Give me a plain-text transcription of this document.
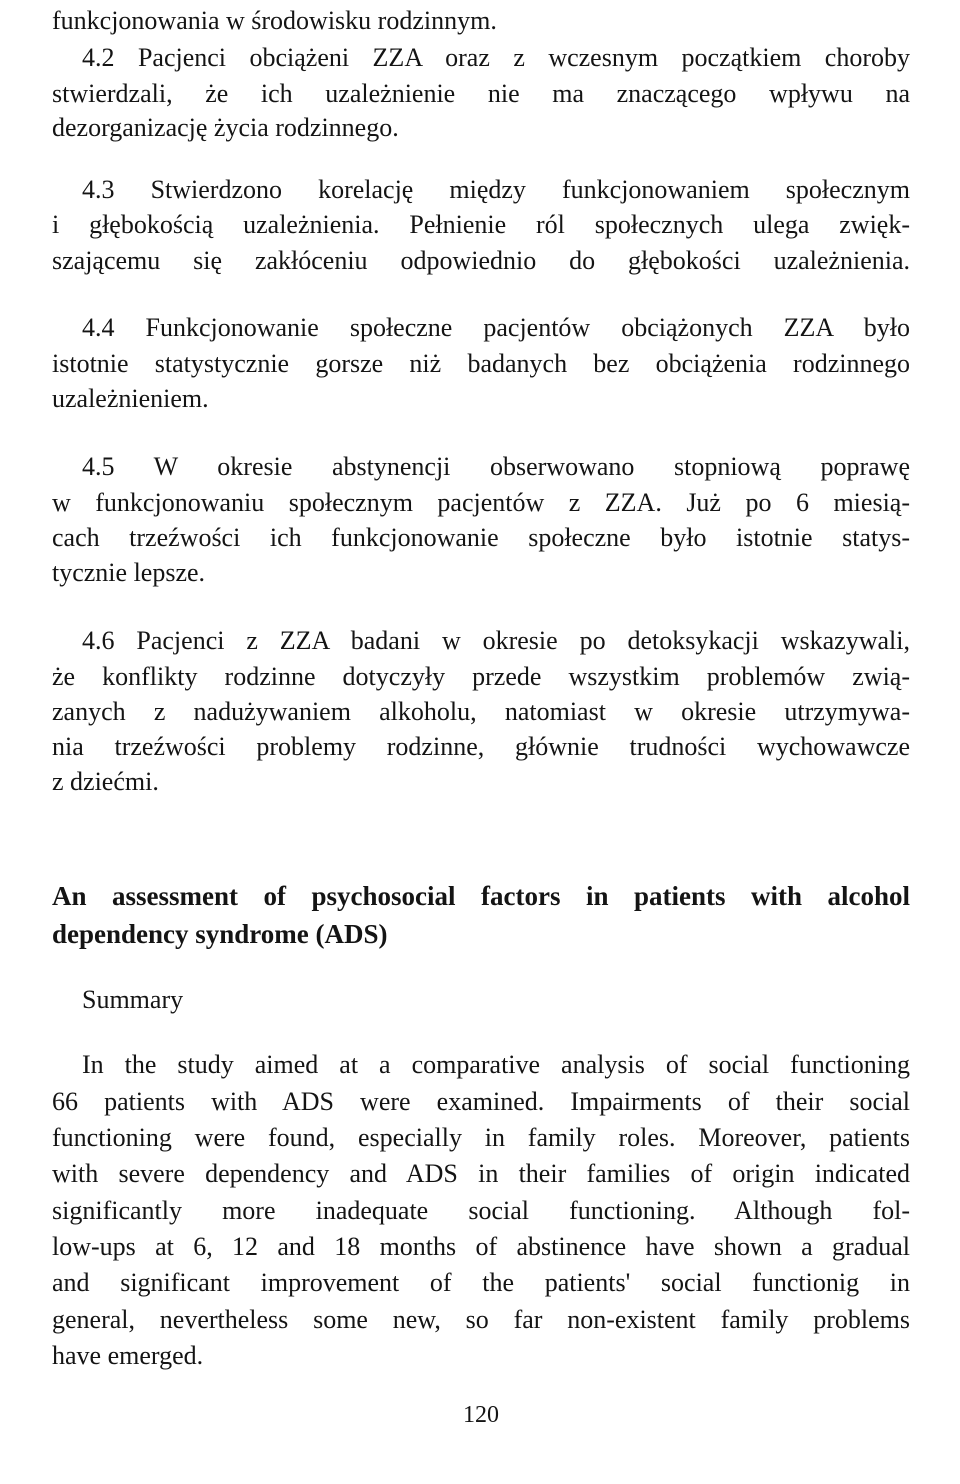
funkcjonowania w środowisku rodzinnym.
4.2 Pacjenci obciążeni ZZA oraz z wczesnym początkiem choroby
stwierdzali, że ich uzależnienie nie ma znaczącego wpływu na
dezorganizację życia rodzinnego.
4.3 Stwierdzono korelację między funkcjonowaniem społecznym
i głębokością uzależnienia. Pełnienie ról społecznych ulega zwięk-
szającemu się zakłóceniu odpowiednio do głębokości uzależnienia.
4.4 Funkcjonowanie społeczne pacjentów obciążonych ZZA było
istotnie statystycznie gorsze niż badanych bez obciążenia rodzinnego
uzależnieniem.
4.5 W okresie abstynencji obserwowano stopniową poprawę
w funkcjonowaniu społecznym pacjentów z ZZA. Już po 6 miesią-
cach trzeźwości ich funkcjonowanie społeczne było istotnie statys-
tycznie lepsze.
4.6 Pacjenci z ZZA badani w okresie po detoksykacji wskazywali,
że konflikty rodzinne dotyczyły przede wszystkim problemów zwią-
zanych z nadużywaniem alkoholu, natomiast w okresie utrzymywa-
nia trzeźwości problemy rodzinne, głównie trudności wychowawcze
z dziećmi.
An assessment of psychosocial factors in patients with alcohol
dependency syndrome (ADS)
Summary
In the study aimed at a comparative analysis of social functioning
66 patients with ADS were examined. Impairments of their social
functioning were found, especially in family roles. Moreover, patients
with severe dependency and ADS in their families of origin indicated
significantly more inadequate social functioning. Although fol-
low-ups at 6, 12 and 18 months of abstinence have shown a gradual
and significant improvement of the patients' social functionig in
general, nevertheless some new, so far non-existent family problems
have emerged.
120
